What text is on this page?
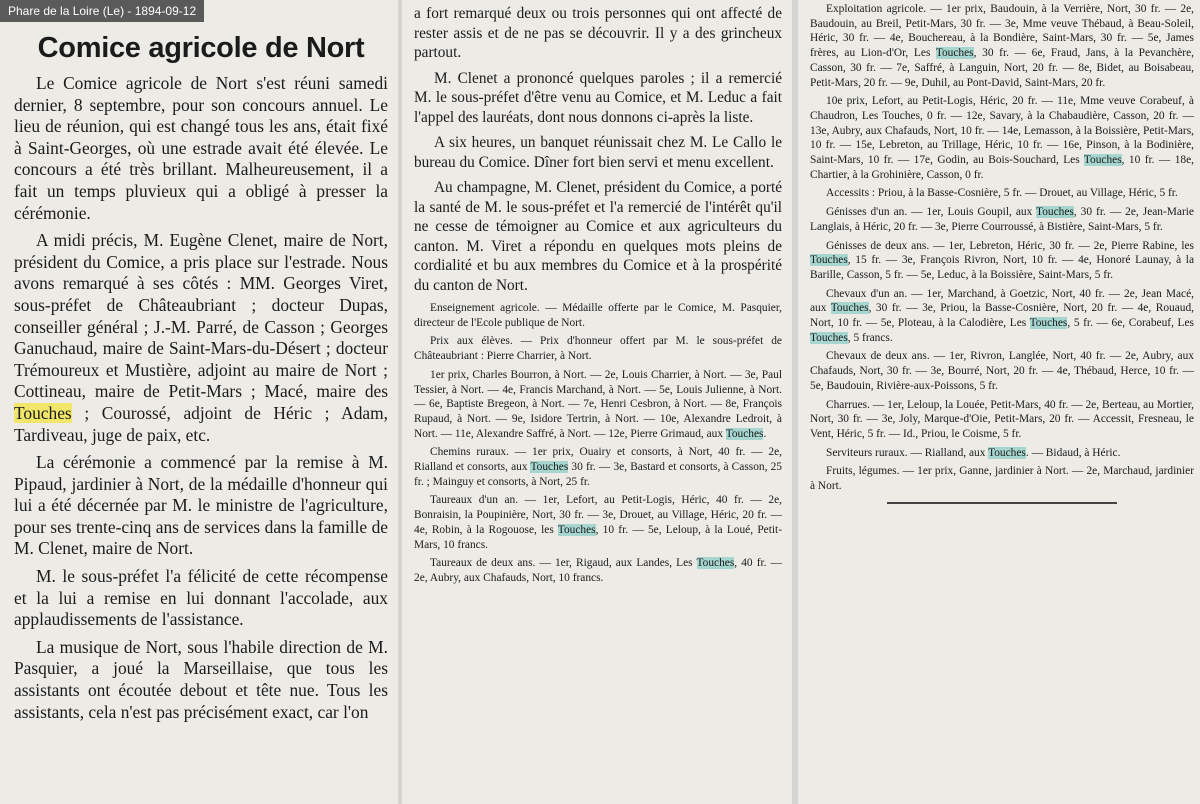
Phare de la Loire (Le) - 1894-09-12
Comice agricole de Nort

Le Comice agricole de Nort s'est réuni samedi dernier, 8 septembre, pour son concours annuel. Le lieu de réunion, qui est changé tous les ans, était fixé à Saint-Georges, où une estrade avait été élevée. Le concours a été très brillant. Malheureusement, il a fait un temps pluvieux qui a obligé à presser la cérémonie.

A midi précis, M. Eugène Clenet, maire de Nort, président du Comice, a pris place sur l'estrade. Nous avons remarqué à ses côtés : MM. Georges Viret, sous-préfet de Châteaubriant ; docteur Dupas, conseiller général ; J.-M. Parré, de Casson ; Georges Ganuchaud, maire de Saint-Mars-du-Désert ; docteur Trémoureux et Mustière, adjoint au maire de Nort ; Cottineau, maire de Petit-Mars ; Macé, maire des Touches ; Courossé, adjoint de Héric ; Adam, Tardiveau, juge de paix, etc.

La cérémonie a commencé par la remise à M. Pipaud, jardinier à Nort, de la médaille d'honneur qui lui a été décernée par M. le ministre de l'agriculture, pour ses trente-cinq ans de services dans la famille de M. Clenet, maire de Nort.

M. le sous-préfet l'a félicité de cette récompense et la lui a remise en lui donnant l'accolade, aux applaudissements de l'assistance.

La musique de Nort, sous l'habile direction de M. Pasquier, a joué la Marseillaise, que tous les assistants ont écoutée debout et tête nue. Tous les assistants, cela n'est pas précisément exact, car l'on

a fort remarqué deux ou trois personnes qui ont affecté de rester assis et de ne pas se découvrir. Il y a des grincheux partout.

M. Clenet a prononcé quelques paroles ; il a remercié M. le sous-préfet d'être venu au Comice, et M. Leduc a fait l'appel des lauréats, dont nous donnons ci-après la liste.

A six heures, un banquet réunissait chez M. Le Callo le bureau du Comice. Dîner fort bien servi et menu excellent.

Au champagne, M. Clenet, président du Comice, a porté la santé de M. le sous-préfet et l'a remercié de l'intérêt qu'il ne cesse de témoigner au Comice et aux agriculteurs du canton. M. Viret a répondu en quelques mots pleins de cordialité et bu aux membres du Comice et à la prospérité du canton de Nort.

Enseignement agricole. — Médaille offerte par le Comice, M. Pasquier, directeur de l'Ecole publique de Nort.

Prix aux élèves. — Prix d'honneur offert par M. le sous-préfet de Châteaubriant : Pierre Charrier, à Nort.

1er prix, Charles Bourron, à Nort. — 2e, Louis Charrier, à Nort. — 3e, Paul Tessier, à Nort. — 4e, Francis Marchand, à Nort. — 5e, Louis Julienne, à Nort. — 6e, Baptiste Bregeon, à Nort. — 7e, Henri Cesbron, à Nort. — 8e, François Rupaud, à Nort. — 9e, Isidore Tertrin, à Nort. — 10e, Alexandre Ledroit, à Nort. — 11e, Alexandre Saffré, à Nort. — 12e, Pierre Grimaud, aux Touches.

Chemins ruraux. — 1er prix, Ouairy et consorts, à Nort, 40 fr. — 2e, Rialland et consorts, aux Touches 30 fr. — 3e, Bastard et consorts, à Casson, 25 fr. ; Mainguy et consorts, à Nort, 25 fr.

Taureaux d'un an. — 1er, Lefort, au Petit-Logis, Héric, 40 fr. — 2e, Bonraisin, la Poupinière, Nort, 30 fr. — 3e, Drouet, au Village, Héric, 20 fr. — 4e, Robin, à la Rogouose, les Touches, 10 fr. — 5e, Leloup, à la Loué, Petit-Mars, 10 francs.

Taureaux de deux ans. — 1er, Rigaud, aux Landes, Les Touches, 40 fr. — 2e, Aubry, aux Chafauds, Nort, 10 francs.

Exploitation agricole. — 1er prix, Baudouin, à la Verrière, Nort, 30 fr. — 2e, Baudouin, au Breil, Petit-Mars, 30 fr. — 3e, Mme veuve Thébaud, à Beau-Soleil, Héric, 30 fr. — 4e, Bouchereau, à la Bondière, Saint-Mars, 30 fr. — 5e, James frères, au Lion-d'Or, Les Touches, 30 fr. — 6e, Fraud, Jans, à la Pevanchère, Casson, 30 fr. — 7e, Saffré, à Languin, Nort, 20 fr. — 8e, Bidet, au Boisabeau, Petit-Mars, 20 fr. — 9e, Duhil, au Pont-David, Saint-Mars, 20 fr.

10e prix, Lefort, au Petit-Logis, Héric, 20 fr. — 11e, Mme veuve Corabeuf, à Chaudron, Les Touches, 0 fr. — 12e, Savary, à la Chabaudière, Casson, 20 fr. — 13e, Aubry, aux Chafauds, Nort, 10 fr. — 14e, Lemasson, à la Boissière, Petit-Mars, 10 fr. — 15e, Lebreton, au Trillage, Héric, 10 fr. — 16e, Pinson, à la Bodinière, Saint-Mars, 10 fr. — 17e, Godin, au Bois-Souchard, Les Touches, 10 fr. — 18e, Chartier, à la Grohinière, Casson, 0 fr.

Accessits : Priou, à la Basse-Cosnière, 5 fr. — Drouet, au Village, Héric, 5 fr.

Génisses d'un an. — 1er, Louis Goupil, aux Touches, 30 fr. — 2e, Jean-Marie Langlais, à Héric, 20 fr. — 3e, Pierre Courroussé, à Bistière, Saint-Mars, 5 fr.

Génisses de deux ans. — 1er, Lebreton, Héric, 30 fr. — 2e, Pierre Rabine, les Touches, 15 fr. — 3e, François Rivron, Nort, 10 fr. — 4e, Honoré Launay, à la Barille, Casson, 5 fr. — 5e, Leduc, à la Boissière, Saint-Mars, 5 fr.

Chevaux d'un an. — 1er, Marchand, à Goetzic, Nort, 40 fr. — 2e, Jean Macé, aux Touches, 30 fr. — 3e, Priou, la Basse-Cosnière, Nort, 20 fr. — 4e, Rouaud, Nort, 10 fr. — 5e, Ploteau, à la Calodière, Les Touches, 5 fr. — 6e, Corabeuf, Les Touches, 5 francs.

Chevaux de deux ans. — 1er, Rivron, Langlée, Nort, 40 fr. — 2e, Aubry, aux Chafauds, Nort, 30 fr. — 3e, Bourré, Nort, 20 fr. — 4e, Thébaud, Herce, 10 fr. — 5e, Baudouin, Rivière-aux-Poissons, 5 fr.

Charrues. — 1er, Leloup, la Louée, Petit-Mars, 40 fr. — 2e, Berteau, au Mortier, Nort, 30 fr. — 3e, Joly, Marque-d'Oie, Petit-Mars, 20 fr. — Accessit, Fresneau, le Vent, Héric, 5 fr. — Id., Priou, le Coisme, 5 fr.

Serviteurs ruraux. — Rialland, aux Touches. — Bidaud, à Héric.

Fruits, légumes. — 1er prix, Ganne, jardinier à Nort. — 2e, Marchaud, jardinier à Nort.
